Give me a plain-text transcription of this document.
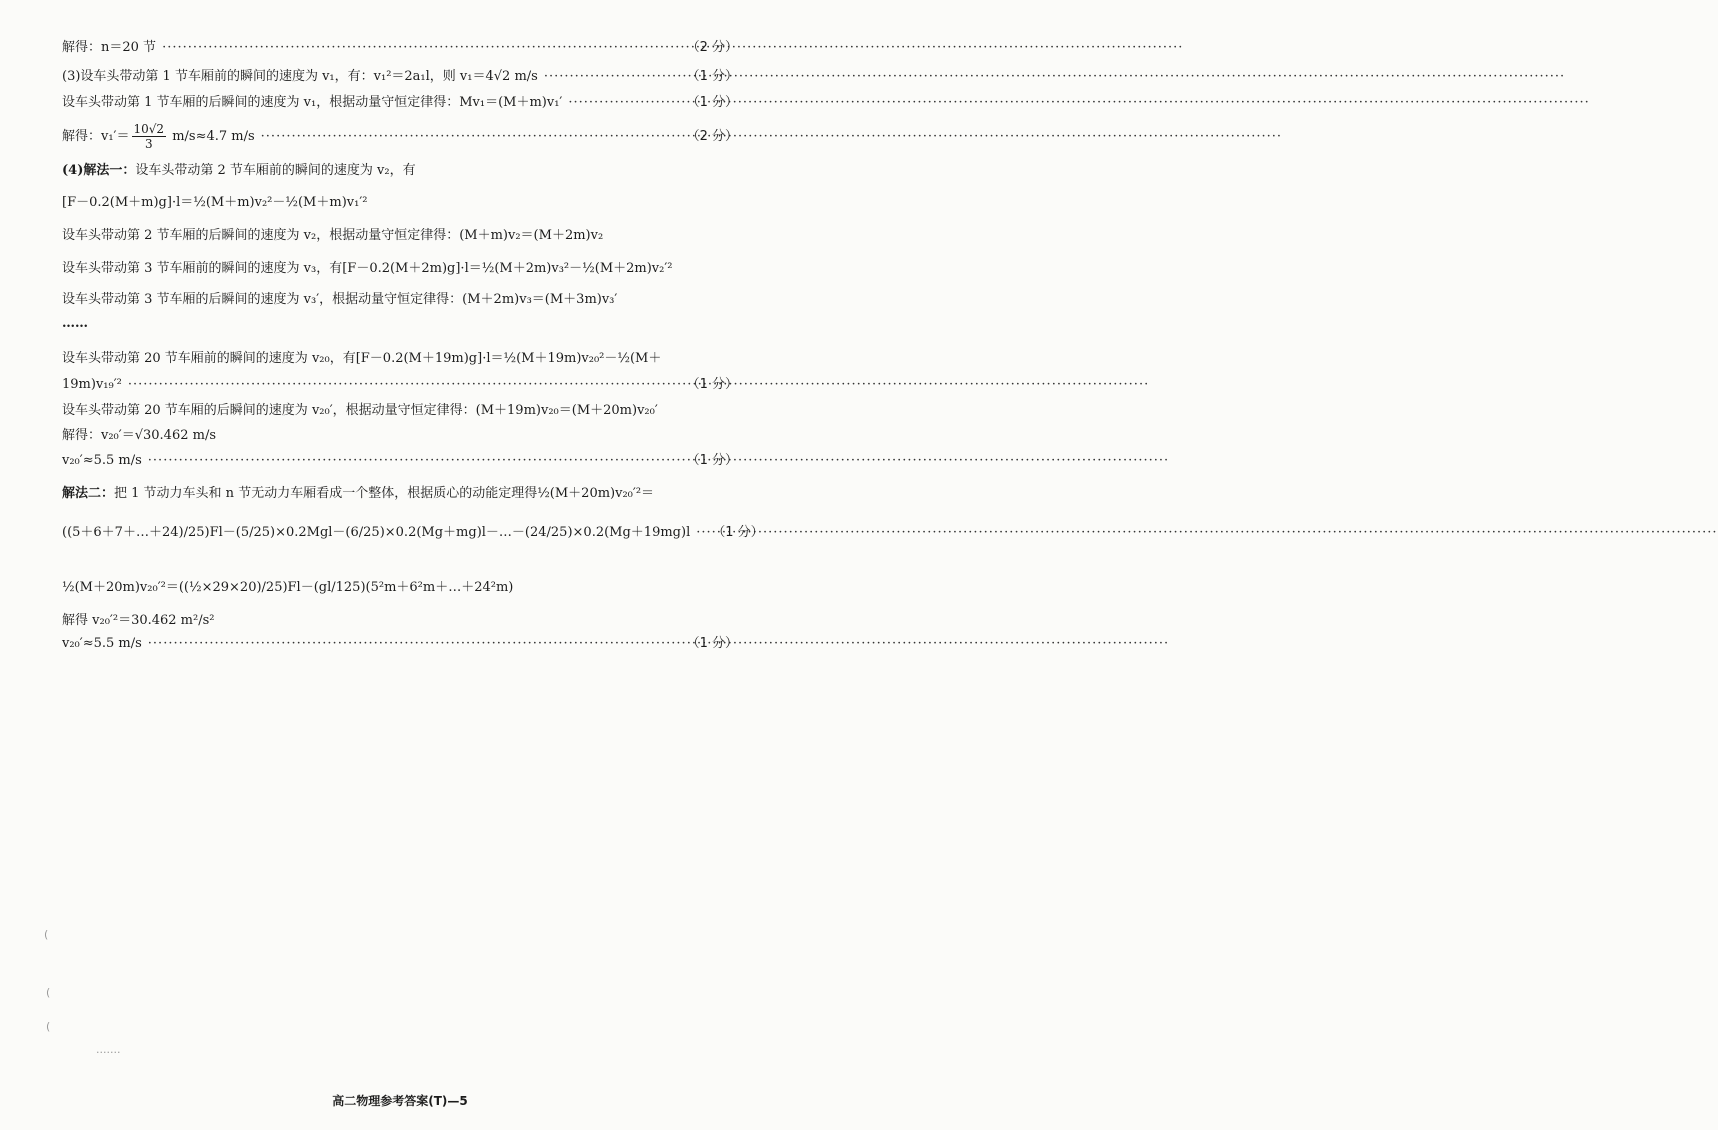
解得：n＝20 节 ·····	（2 分）
(3)设车头带动第 1 节车厢前的瞬间的速度为 v₁，有：v₁²＝2a₁l，则 v₁＝4√2 m/s ·····	（1 分）
设车头带动第 1 节车厢的后瞬间的速度为 v₁，根据动量守恒定律得：Mv₁＝(M＋m)v₁′ ·····	（1 分）
解得：$v_1'= \frac{10√2}{3} m/s\approx 4.7$ m/s ·····	（2 分）
(4)解法一：设车头带动第 2 节车厢前的瞬间的速度为 v₂，有
[F－0.2(M＋m)g]·l＝½(M＋m)v₂²－½(M＋m)v₁′²
设车头带动第 2 节车厢的后瞬间的速度为 v₂，根据动量守恒定律得：(M＋m)v₂＝(M＋2m)v₂
设车头带动第 3 节车厢前的瞬间的速度为 v₃，有[F－0.2(M＋2m)g]·l＝½(M＋2m)v₃²－½(M＋2m)v₂′²
设车头带动第 3 节车厢的后瞬间的速度为 v₃′，根据动量守恒定律得：(M＋2m)v₃＝(M＋3m)v₃′
……
设车头带动第 20 节车厢前的瞬间的速度为 v₂₀，有[F－0.2(M＋19m)g]·l＝½(M＋19m)v₂₀²－½(M＋
19m)v₁₉′² ·····	（1 分）
设车头带动第 20 节车厢的后瞬间的速度为 v₂₀′，根据动量守恒定律得：(M＋19m)v₂₀＝(M＋20m)v₂₀′
解得：v₂₀′＝√30.462 m/s
v₂₀′≈5.5 m/s ·····	（1 分）
解法二：把 1 节动力车头和 n 节无动力车厢看成一个整体，根据质心的动能定理得½(M＋20m)v₂₀′²＝
((5＋6＋7＋…＋24)/25)Fl－(5/25)×0.2Mgl－(6/25)×0.2(Mg＋mg)l－…－(24/25)×0.2(Mg＋19mg)l ····· （1 分）
½(M＋20m)v₂₀′²＝((½×29×20)/25)Fl－(gl/125)(5²m＋6²m＋…＋24²m)
解得 v₂₀′²＝30.462 m²/s²
v₂₀′≈5.5 m/s ·····	（1 分）
(
(
(
·······
高二物理参考答案(T)—5
